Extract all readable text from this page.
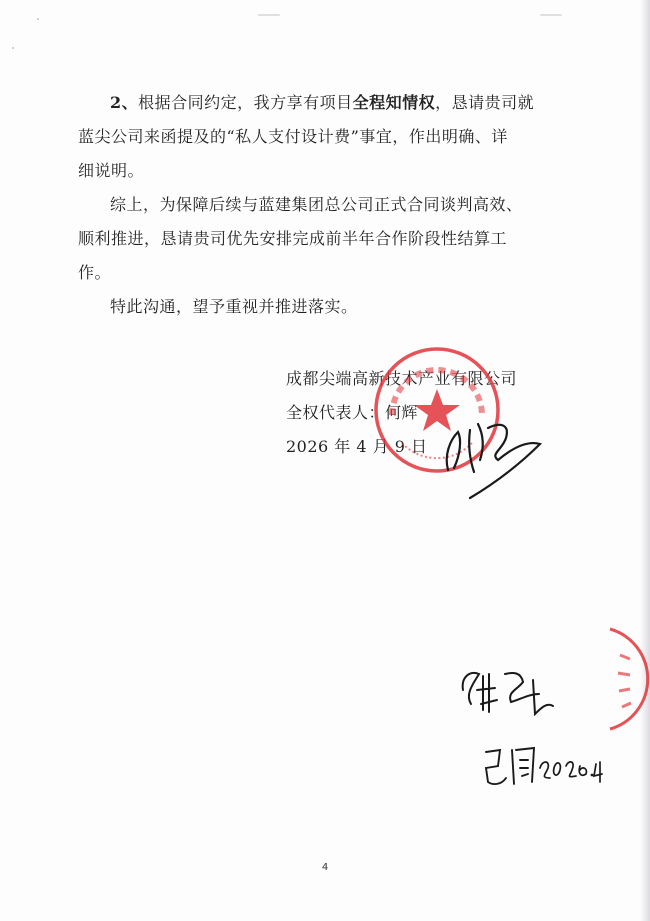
2、根据合同约定，我方享有项目全程知情权，恳请贵司就
蓝尖公司来函提及的“私人支付设计费”事宜，作出明确、详
细说明。

综上，为保障后续与蓝建集团总公司正式合同谈判高效、
顺利推进，恳请贵司优先安排完成前半年合作阶段性结算工
作。

特此沟通，望予重视并推进落实。

成都尖端高新技术产业有限公司
全权代表人：何辉
2026 年 4 月 9 日
4
